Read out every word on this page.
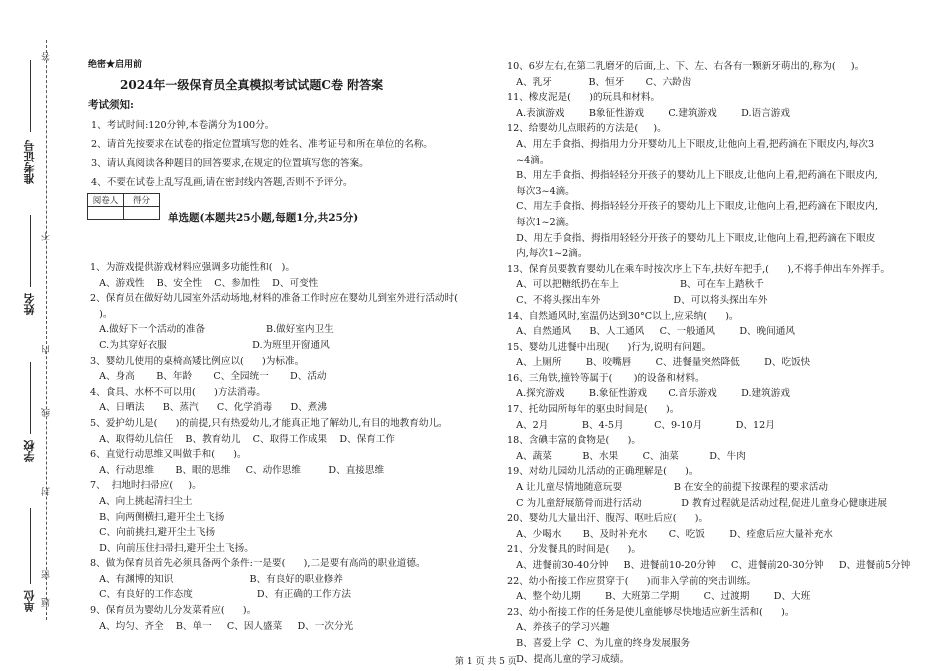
答
不
内
线
封
密
题
准考证号
姓名
学校
单位
绝密★启用前
2024年一级保育员全真模拟考试试题C卷 附答案
考试须知:
1、考试时间:120分钟,本卷满分为100分。
2、请首先按要求在试卷的指定位置填写您的姓名、准考证号和所在单位的名称。
3、请认真阅读各种题目的回答要求,在规定的位置填写您的答案。
4、不要在试卷上乱写乱画,请在密封线内答题,否则不予评分。
阅卷人	得分

单选题(本题共25小题,每题1分,共25分)
1、为游戏提供游戏材料应强调多功能性和(   )。
A、游戏性    B、安全性    C、参加性    D、可变性
2、保育员在做好幼儿园室外活动场地,材料的准备工作时应在婴幼儿到室外进行活动时(
)。
A.做好下一个活动的准备                    B.做好室内卫生
C.为其穿好衣服                            D.为班里开窗通风
3、婴幼儿使用的桌椅高矮比例应以(      )为标准。
A、身高       B、年龄       C、全园统一       D、活动
4、食具、水杯不可以用(      )方法消毒。
A、日晒法      B、蒸汽      C、化学消毒      D、煮沸
5、爱护幼儿是(      )的前提,只有热爱幼儿,才能真正地了解幼儿,有目的地教育幼儿。
A、取得幼儿信任    B、教育幼儿    C、取得工作成果    D、保育工作
6、直觉行动思维又叫做手和(      )。
A、行动思维       B、眼的思维     C、动作思维         D、直接思维
7、  扫地时扫帚应(     )。
A、向上挑起清扫尘土
B、向两侧横扫,避开尘土飞扬
C、向前挑扫,避开尘土飞扬
D、向前压住扫帚扫,避开尘土飞扬。
8、做为保育员首先必须具备两个条件:一是要(      ),二是要有高尚的职业道德。
A、有渊博的知识                         B、有良好的职业修养
C、有良好的工作态度                     D、有正确的工作方法
9、保育员为婴幼儿分发菜肴应(      )。
A、均匀、齐全    B、单一     C、因人盛菜     D、一次分光
10、6岁左右,在第二乳磨牙的后面,上、下、左、右各有一颗新牙萌出的,称为(     )。
A、乳牙            B、恒牙       C、六龄齿
11、橡皮泥是(      )的玩具和材料。
A.表演游戏        B象征性游戏        C.建筑游戏        D.语言游戏
12、给婴幼儿点眼药的方法是(     )。
A、用左手食指、拇指用力分开婴幼儿上下眼皮,让他向上看,把药滴在下眼皮内,每次3
~4滴。
B、用左手食指、拇指轻轻分开孩子的婴幼儿上下眼皮,让他向上看,把药滴在下眼皮内,
每次3~4滴。
C、用左手食指、拇指轻轻分开孩子的婴幼儿上下眼皮,让他向上看,把药滴在下眼皮内,
每次1~2滴。
D、用左手食指、拇指用轻轻分开孩子的婴幼儿上下眼皮,让他向上看,把药滴在下眼皮
内,每次1~2滴。
13、保育员要教育婴幼儿在乘车时按次序上下车,扶好车把手,(      ),不将手伸出车外挥手。
A、可以把糖纸扔在车上                    B、可在车上踏秋千
C、不将头探出车外                        D、可以将头探出车外
14、自然通风时,室温仍达到30°C以上,应采纳(      )。
A、自然通风      B、人工通风     C、一般通风        D、晚间通风
15、婴幼儿进餐中出现(      )行为,说明有问题。
A、上厕所        B、咬嘴唇        C、进餐量突然降低        D、吃饭快
16、三角铁,撞铃等属于(       )的设备和材料。
A.探究游戏        B.象征性游戏       C.音乐游戏        D.建筑游戏
17、托幼园所每年的驱虫时间是(      )。
A、2月           B、4-5月          C、9-10月           D、12月
18、含碘丰富的食物是(      )。
A、蔬菜          B、水果        C、油菜          D、牛肉
19、对幼儿园幼儿活动的正确理解是(      )。
A 让儿童尽情地随意玩耍                 B 在安全的前提下按课程的要求活动
C 为儿童舒展筋骨而进行活动             D 教育过程就是活动过程,促进儿童身心健康进展
20、婴幼儿大量出汗、腹泻、呕吐后应(      )。
A、少喝水       B、及时补充水       C、吃饭        D、痊愈后应大量补充水
21、分发餐具的时间是(      )。
A、进餐前30-40分钟     B、进餐前10-20分钟     C、进餐前20-30分钟     D、进餐前5分钟
22、幼小衔接工作应贯穿于(      )而非入学前的突击训练。
A、整个幼儿期        B、大班第二学期        C、过渡期        D、大班
23、幼小衔接工作的任务是使儿童能够尽快地适应新生活和(      )。
A、养孩子的学习兴趣
B、喜爱上学  C、为儿童的终身发展服务
D、提高儿童的学习成绩。
第 1 页 共 5 页
